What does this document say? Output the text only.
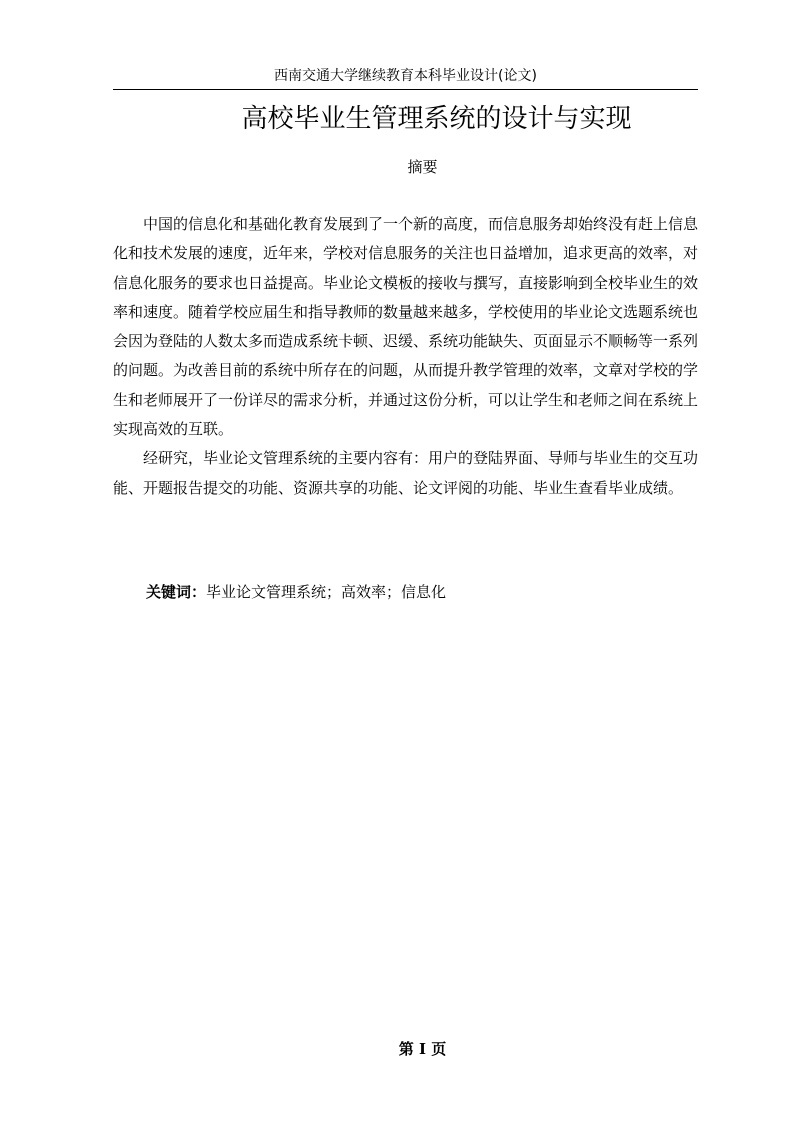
西南交通大学继续教育本科毕业设计(论文)
高校毕业生管理系统的设计与实现
摘要

中国的信息化和基础化教育发展到了一个新的高度，而信息服务却始终没有赶上信息化和技术发展的速度，近年来，学校对信息服务的关注也日益增加，追求更高的效率，对信息化服务的要求也日益提高。毕业论文模板的接收与撰写，直接影响到全校毕业生的效率和速度。随着学校应届生和指导教师的数量越来越多，学校使用的毕业论文选题系统也会因为登陆的人数太多而造成系统卡顿、迟缓、系统功能缺失、页面显示不顺畅等一系列的问题。为改善目前的系统中所存在的问题，从而提升教学管理的效率，文章对学校的学生和老师展开了一份详尽的需求分析，并通过这份分析，可以让学生和老师之间在系统上实现高效的互联。

经研究，毕业论文管理系统的主要内容有：用户的登陆界面、导师与毕业生的交互功能、开题报告提交的功能、资源共享的功能、论文评阅的功能、毕业生查看毕业成绩。

关键词：毕业论文管理系统；高效率；信息化
第 I 页
